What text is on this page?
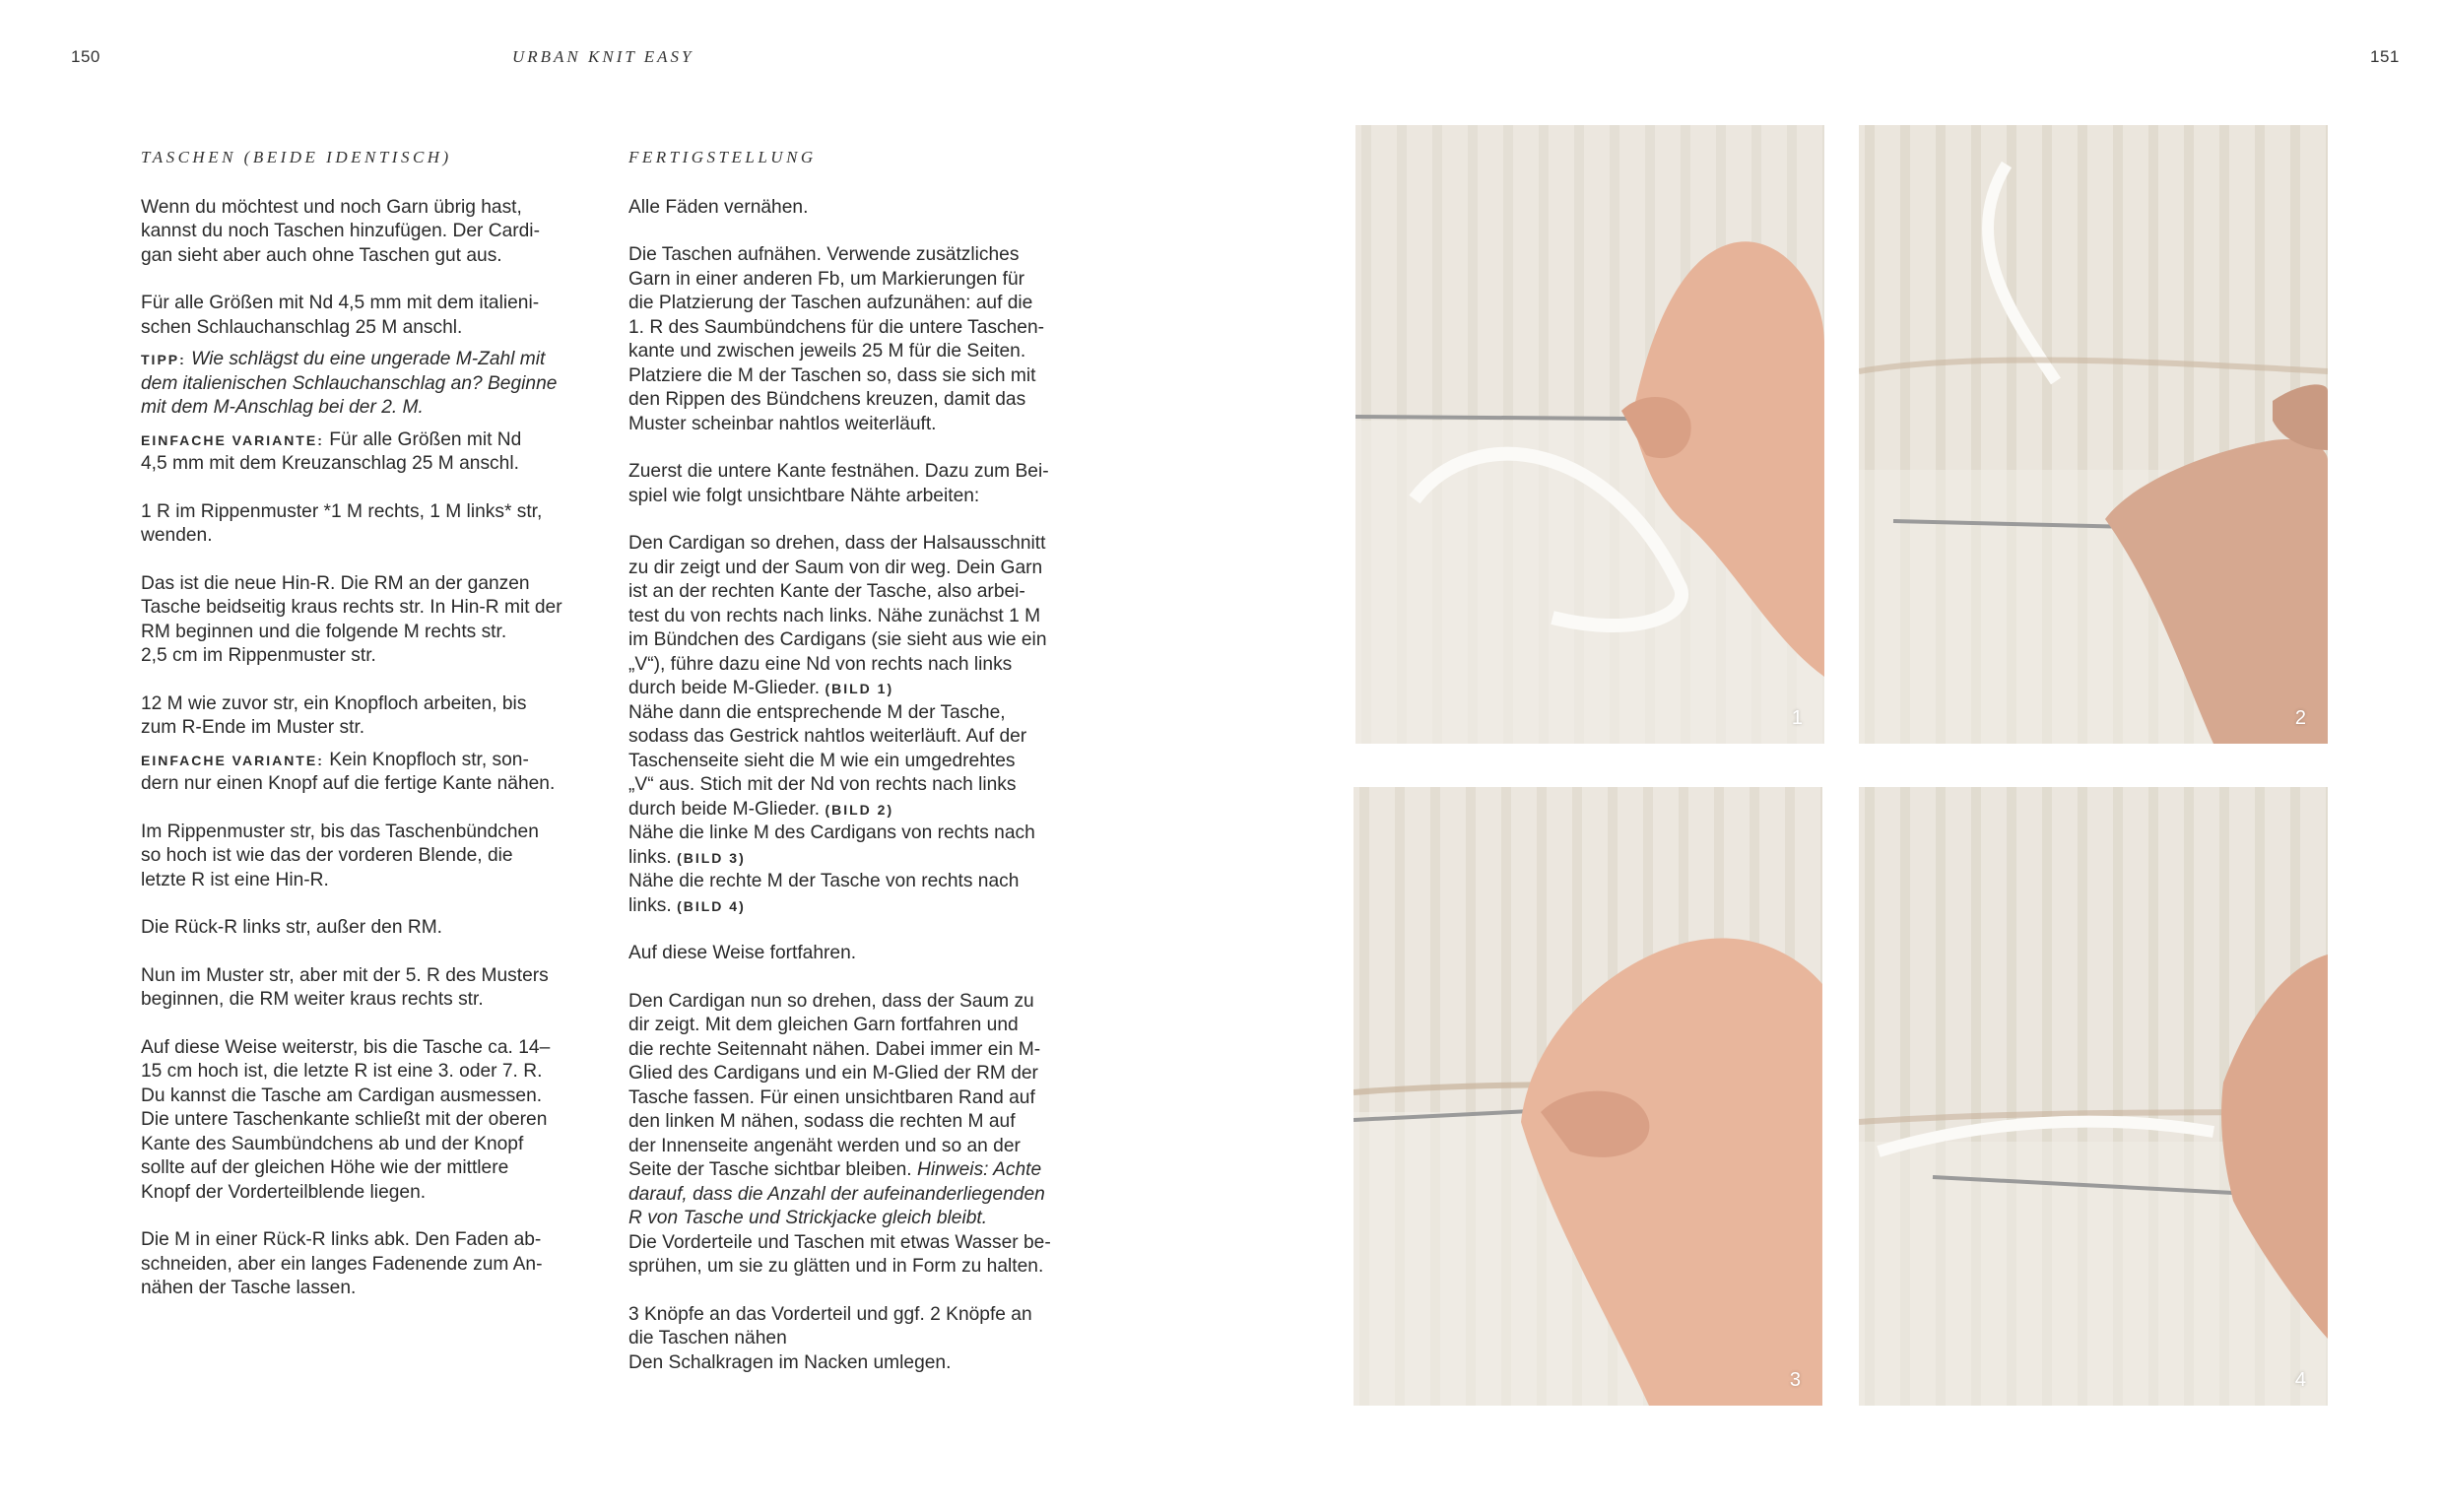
150	URBAN KNIT EASY	151
TASCHEN (BEIDE IDENTISCH)

Wenn du möchtest und noch Garn übrig hast,
kannst du noch Taschen hinzufügen. Der Cardi-
gan sieht aber auch ohne Taschen gut aus.

Für alle Größen mit Nd 4,5 mm mit dem italieni-
schen Schlauchanschlag 25 M anschl.

TIPP: Wie schlägst du eine ungerade M-Zahl mit
dem italienischen Schlauchanschlag an? Beginne
mit dem M-Anschlag bei der 2. M.

EINFACHE VARIANTE: Für alle Größen mit Nd
4,5 mm mit dem Kreuzanschlag 25 M anschl.

1 R im Rippenmuster *1 M rechts, 1 M links* str,
wenden.

Das ist die neue Hin-R. Die RM an der ganzen
Tasche beidseitig kraus rechts str. In Hin-R mit der
RM beginnen und die folgende M rechts str.
2,5 cm im Rippenmuster str.

12 M wie zuvor str, ein Knopfloch arbeiten, bis
zum R-Ende im Muster str.

EINFACHE VARIANTE: Kein Knopfloch str, son-
dern nur einen Knopf auf die fertige Kante nähen.

Im Rippenmuster str, bis das Taschenbündchen
so hoch ist wie das der vorderen Blende, die
letzte R ist eine Hin-R.

Die Rück-R links str, außer den RM.

Nun im Muster str, aber mit der 5. R des Musters
beginnen, die RM weiter kraus rechts str.

Auf diese Weise weiterstr, bis die Tasche ca. 14–
15 cm hoch ist, die letzte R ist eine 3. oder 7. R.
Du kannst die Tasche am Cardigan ausmessen.
Die untere Taschenkante schließt mit der oberen
Kante des Saumbündchens ab und der Knopf
sollte auf der gleichen Höhe wie der mittlere
Knopf der Vorderteilblende liegen.

Die M in einer Rück-R links abk. Den Faden ab-
schneiden, aber ein langes Fadenende zum An-
nähen der Tasche lassen.

FERTIGSTELLUNG

Alle Fäden vernähen.

Die Taschen aufnähen. Verwende zusätzliches
Garn in einer anderen Fb, um Markierungen für
die Platzierung der Taschen aufzunähen: auf die
1. R des Saumbündchens für die untere Taschen-
kante und zwischen jeweils 25 M für die Seiten.
Platziere die M der Taschen so, dass sie sich mit
den Rippen des Bündchens kreuzen, damit das
Muster scheinbar nahtlos weiterläuft.

Zuerst die untere Kante festnähen. Dazu zum Bei-
spiel wie folgt unsichtbare Nähte arbeiten:

Den Cardigan so drehen, dass der Halsausschnitt
zu dir zeigt und der Saum von dir weg. Dein Garn
ist an der rechten Kante der Tasche, also arbei-
test du von rechts nach links. Nähe zunächst 1 M
im Bündchen des Cardigans (sie sieht aus wie ein
„V“), führe dazu eine Nd von rechts nach links
durch beide M-Glieder. (BILD 1)
Nähe dann die entsprechende M der Tasche,
sodass das Gestrick nahtlos weiterläuft. Auf der
Taschenseite sieht die M wie ein umgedrehtes
„V“ aus. Stich mit der Nd von rechts nach links
durch beide M-Glieder. (BILD 2)
Nähe die linke M des Cardigans von rechts nach
links. (BILD 3)
Nähe die rechte M der Tasche von rechts nach
links. (BILD 4)

Auf diese Weise fortfahren.

Den Cardigan nun so drehen, dass der Saum zu
dir zeigt. Mit dem gleichen Garn fortfahren und
die rechte Seitennaht nähen. Dabei immer ein M-
Glied des Cardigans und ein M-Glied der RM der
Tasche fassen. Für einen unsichtbaren Rand auf
den linken M nähen, sodass die rechten M auf
der Innenseite angenäht werden und so an der
Seite der Tasche sichtbar bleiben. Hinweis: Achte
darauf, dass die Anzahl der aufeinanderliegenden
R von Tasche und Strickjacke gleich bleibt.
Die Vorderteile und Taschen mit etwas Wasser be-
sprühen, um sie zu glätten und in Form zu halten.

3 Knöpfe an das Vorderteil und ggf. 2 Knöpfe an
die Taschen nähen
Den Schalkragen im Nacken umlegen.

1	2
3	4
